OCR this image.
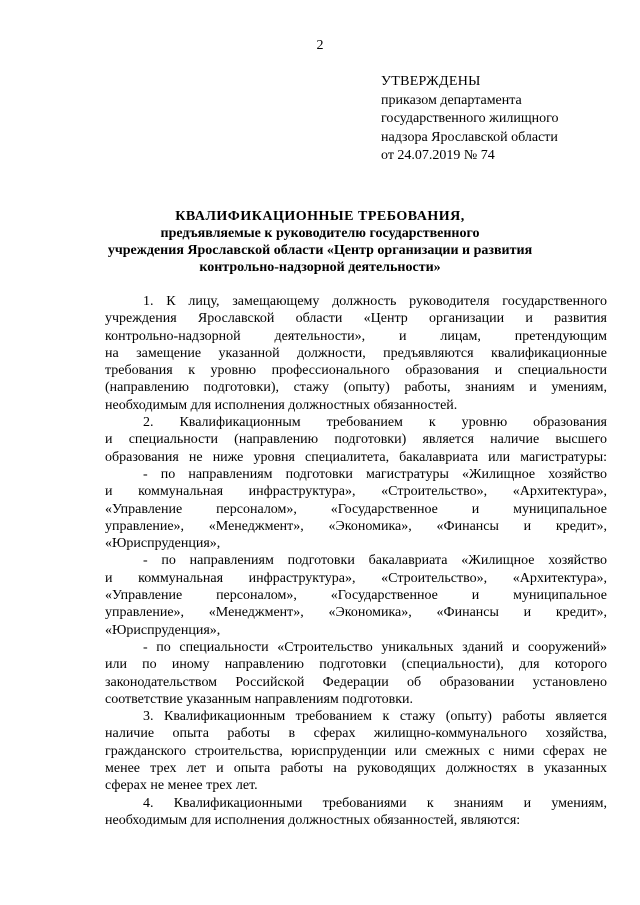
2
УТВЕРЖДЕНЫ
приказом департамента
государственного жилищного
надзора Ярославской области
от 24.07.2019 № 74
КВАЛИФИКАЦИОННЫЕ ТРЕБОВАНИЯ,
предъявляемые к руководителю государственного
учреждения Ярославской области «Центр организации и развития
контрольно-надзорной деятельности»
1. К лицу, замещающему должность руководителя государственного
учреждения Ярославской области «Центр организации и развития
контрольно-надзорной деятельности», и лицам, претендующим
на замещение указанной должности, предъявляются квалификационные
требования к уровню профессионального образования и специальности
(направлению подготовки), стажу (опыту) работы, знаниям и умениям,
необходимым для исполнения должностных обязанностей.
2. Квалификационным требованием к уровню образования
и специальности (направлению подготовки) является наличие высшего
образования не ниже уровня специалитета, бакалавриата или магистратуры:
- по направлениям подготовки магистратуры «Жилищное хозяйство
и коммунальная инфраструктура», «Строительство», «Архитектура»,
«Управление персоналом», «Государственное и муниципальное
управление», «Менеджмент», «Экономика», «Финансы и кредит»,
«Юриспруденция»,
- по направлениям подготовки бакалавриата «Жилищное хозяйство
и коммунальная инфраструктура», «Строительство», «Архитектура»,
«Управление персоналом», «Государственное и муниципальное
управление», «Менеджмент», «Экономика», «Финансы и кредит»,
«Юриспруденция»,
- по специальности «Строительство уникальных зданий и сооружений»
или по иному направлению подготовки (специальности), для которого
законодательством Российской Федерации об образовании установлено
соответствие указанным направлениям подготовки.
3. Квалификационным требованием к стажу (опыту) работы является
наличие опыта работы в сферах жилищно-коммунального хозяйства,
гражданского строительства, юриспруденции или смежных с ними сферах не
менее трех лет и опыта работы на руководящих должностях в указанных
сферах не менее трех лет.
4. Квалификационными требованиями к знаниям и умениям,
необходимым для исполнения должностных обязанностей, являются:
